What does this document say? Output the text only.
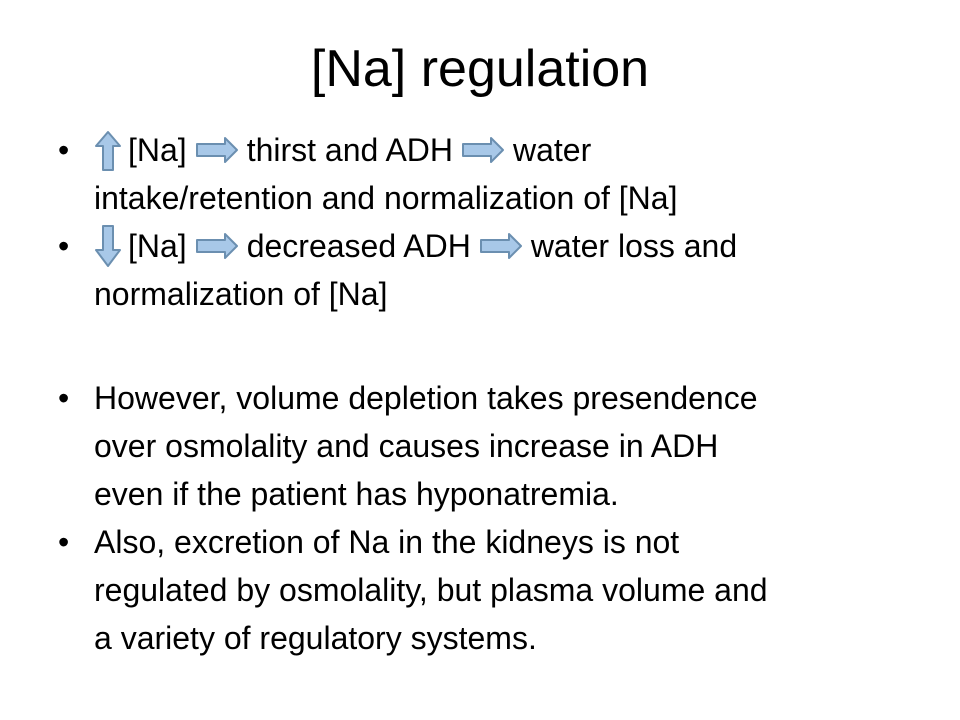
[Na] regulation
•	[Na] thirst and ADH water
intake/retention and normalization of [Na]
•	[Na] decreased ADH water loss and
normalization of [Na]
• However, volume depletion takes presendence
over osmolality and causes increase in ADH
even if the patient has hyponatremia.
• Also, excretion of Na in the kidneys is not
regulated by osmolality, but plasma volume and
a variety of regulatory systems.
